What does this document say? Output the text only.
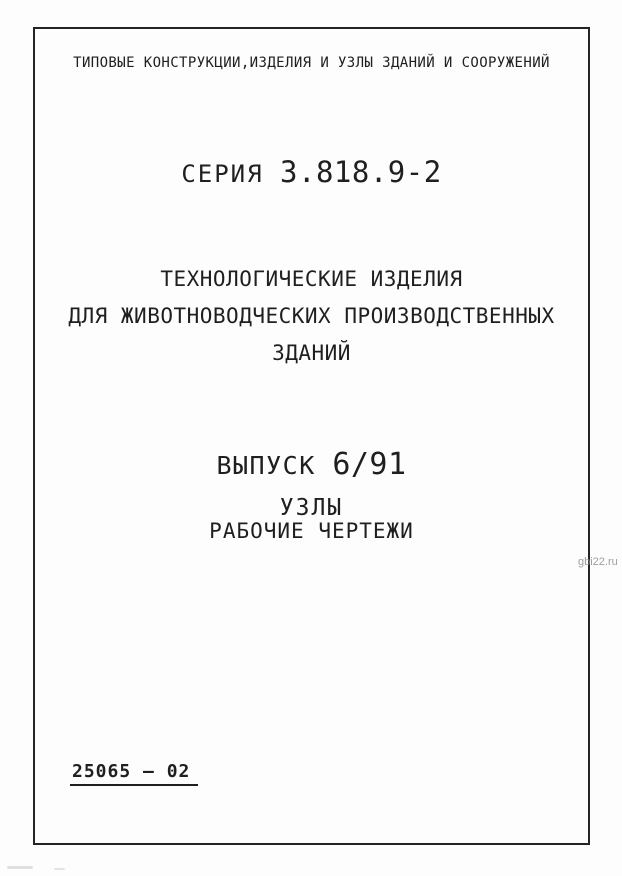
ТИПОВЫЕ КОНСТРУКЦИИ,ИЗДЕЛИЯ И УЗЛЫ ЗДАНИЙ И СООРУЖЕНИЙ
СЕРИЯ 3.818.9-2
ТЕХНОЛОГИЧЕСКИЕ ИЗДЕЛИЯ
ДЛЯ ЖИВОТНОВОДЧЕСКИХ ПРОИЗВОДСТВЕННЫХ
ЗДАНИЙ
ВЫПУСК 6/91
УЗЛЫ
РАБОЧИЕ ЧЕРТЕЖИ
25065 – 02
gbi22.ru
